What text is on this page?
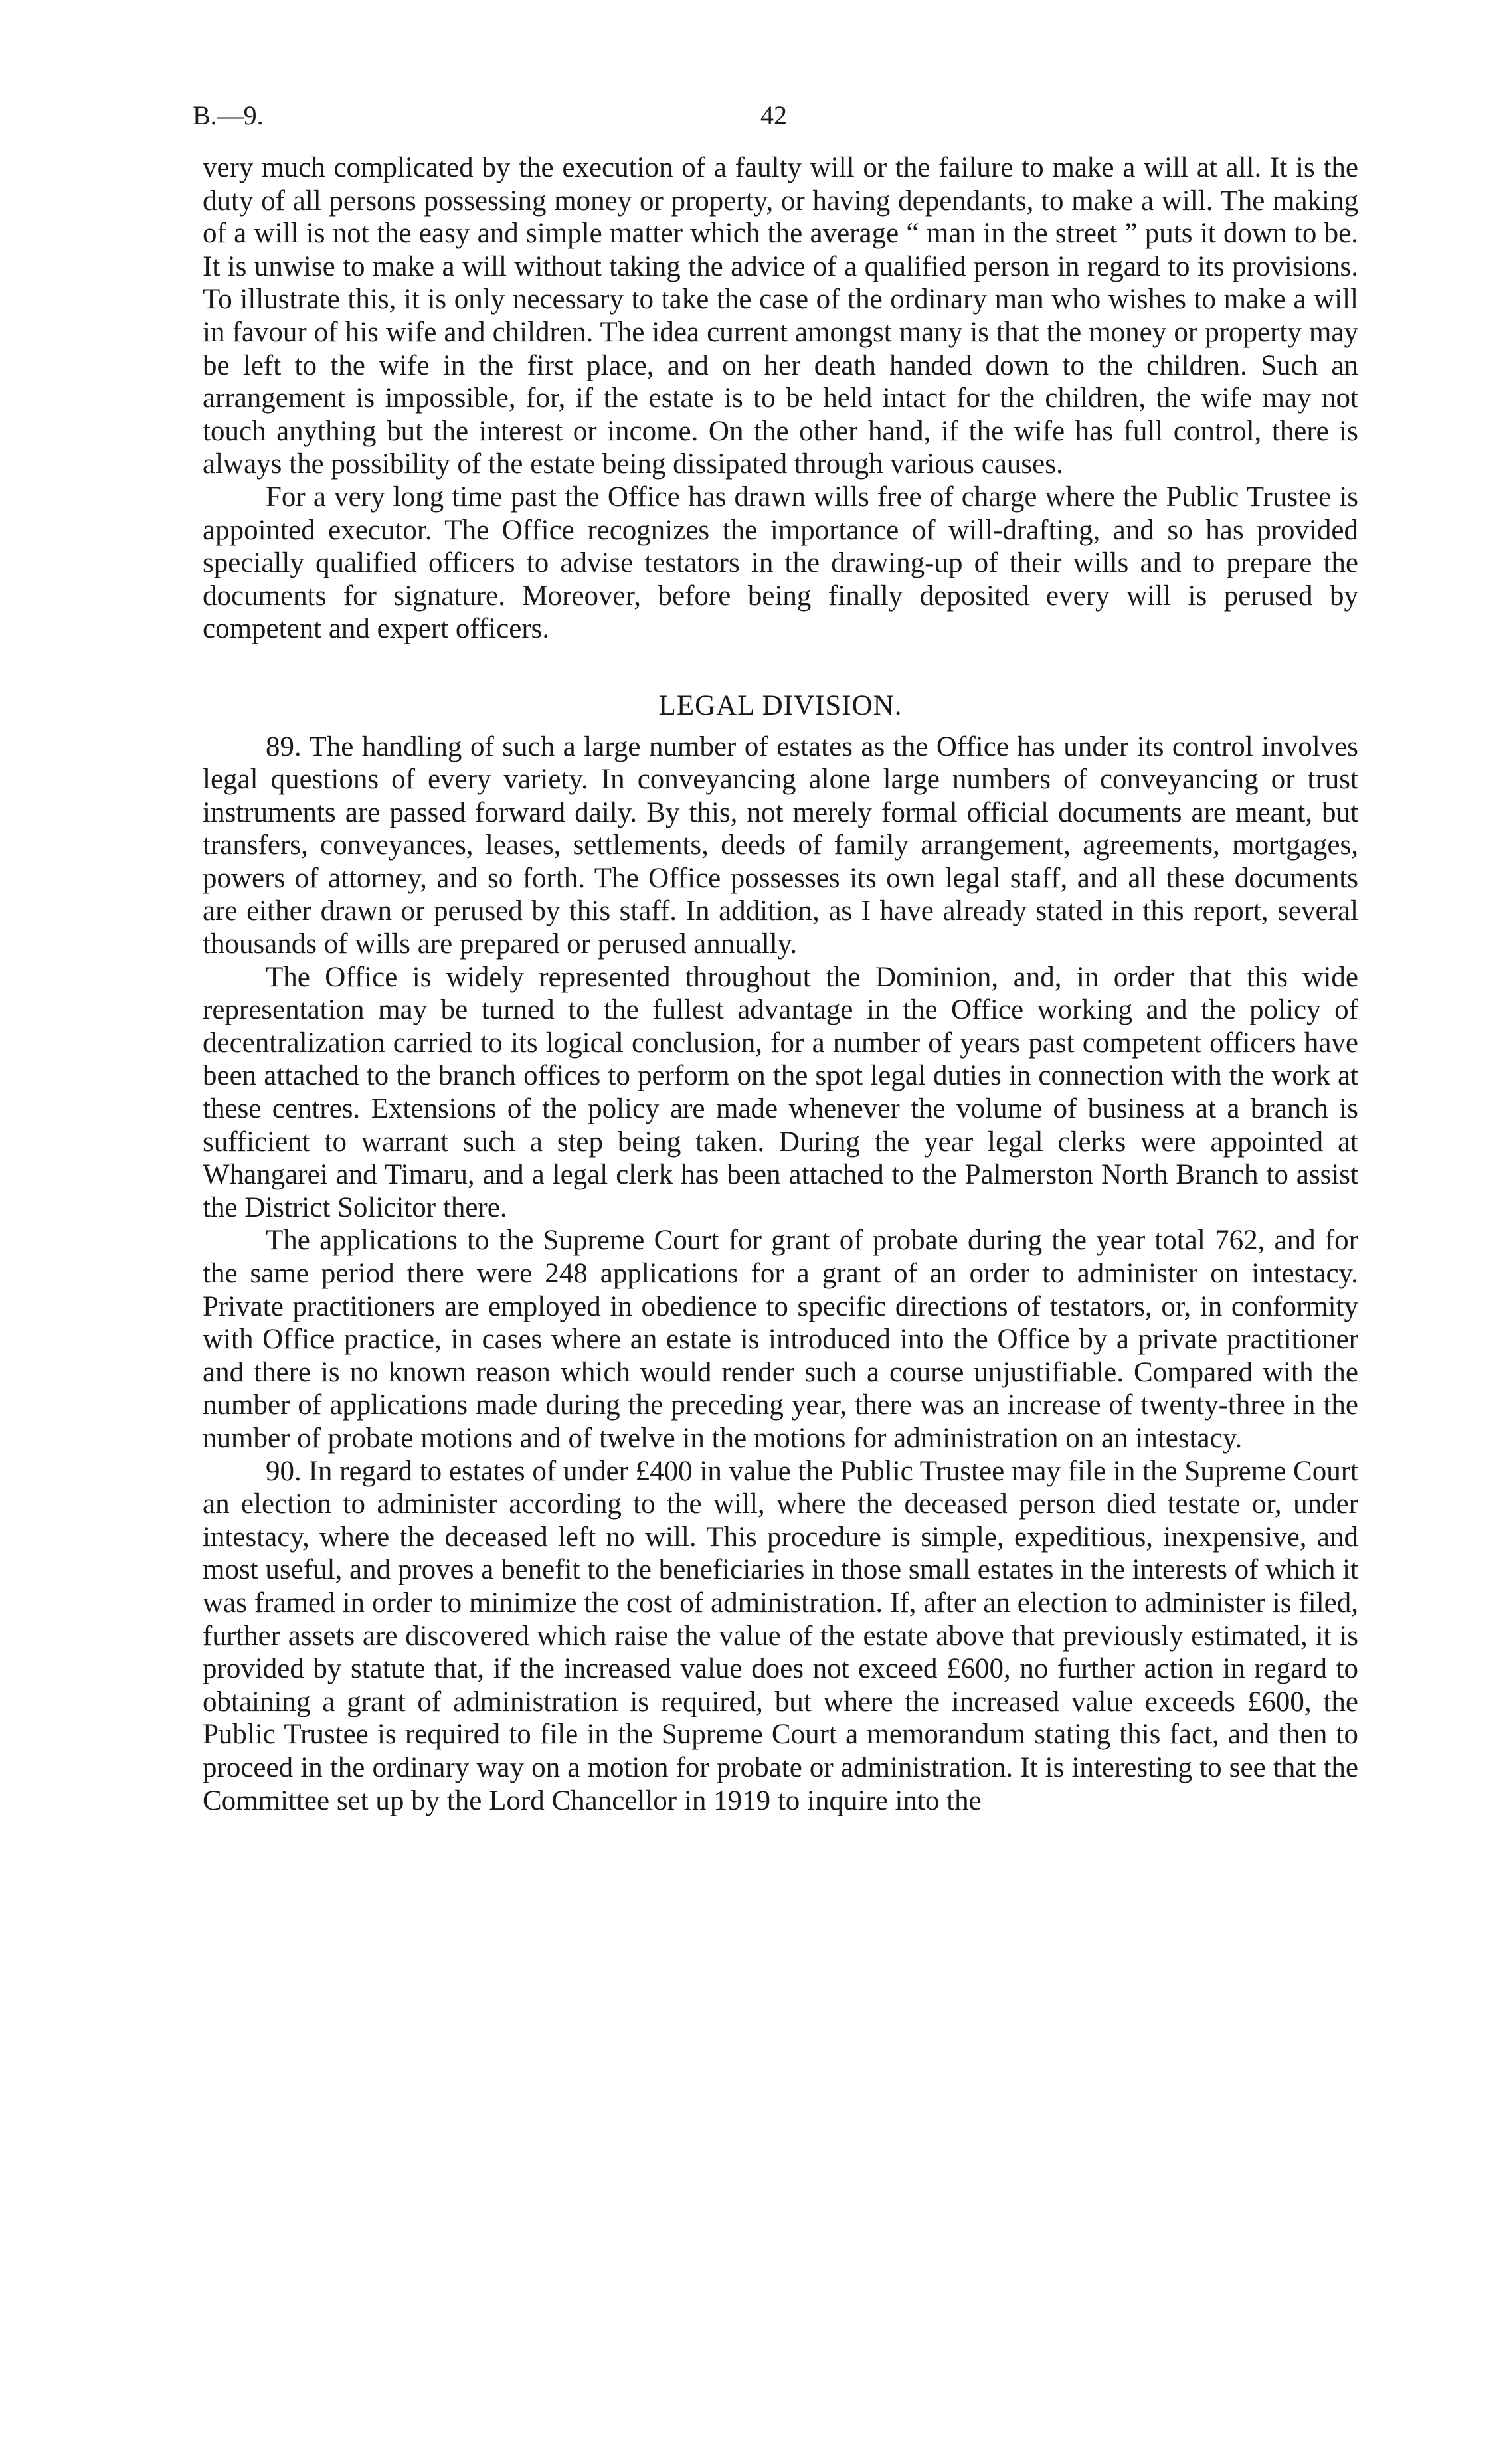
B.—9.	42

very much complicated by the execution of a faulty will or the failure to make a will at all. It is the duty of all persons possessing money or property, or having dependants, to make a will. The making of a will is not the easy and simple matter which the average “ man in the street ” puts it down to be. It is unwise to make a will without taking the advice of a qualified person in regard to its provisions. To illustrate this, it is only necessary to take the case of the ordinary man who wishes to make a will in favour of his wife and children. The idea current amongst many is that the money or property may be left to the wife in the first place, and on her death handed down to the children. Such an arrangement is impossible, for, if the estate is to be held intact for the children, the wife may not touch anything but the interest or income. On the other hand, if the wife has full control, there is always the possibility of the estate being dissipated through various causes.

For a very long time past the Office has drawn wills free of charge where the Public Trustee is appointed executor. The Office recognizes the importance of will-drafting, and so has provided specially qualified officers to advise testators in the drawing-up of their wills and to prepare the documents for signature. Moreover, before being finally deposited every will is perused by competent and expert officers.

LEGAL DIVISION.

89. The handling of such a large number of estates as the Office has under its control involves legal questions of every variety. In conveyancing alone large numbers of conveyancing or trust instruments are passed forward daily. By this, not merely formal official documents are meant, but transfers, conveyances, leases, settlements, deeds of family arrangement, agreements, mortgages, powers of attorney, and so forth. The Office possesses its own legal staff, and all these documents are either drawn or perused by this staff. In addition, as I have already stated in this report, several thousands of wills are prepared or perused annually.

The Office is widely represented throughout the Dominion, and, in order that this wide representation may be turned to the fullest advantage in the Office working and the policy of decentralization carried to its logical conclusion, for a number of years past competent officers have been attached to the branch offices to perform on the spot legal duties in connection with the work at these centres. Extensions of the policy are made whenever the volume of business at a branch is sufficient to warrant such a step being taken. During the year legal clerks were appointed at Whangarei and Timaru, and a legal clerk has been attached to the Palmerston North Branch to assist the District Solicitor there.

The applications to the Supreme Court for grant of probate during the year total 762, and for the same period there were 248 applications for a grant of an order to administer on intestacy. Private practitioners are employed in obedience to specific directions of testators, or, in conformity with Office practice, in cases where an estate is introduced into the Office by a private practitioner and there is no known reason which would render such a course unjustifiable. Compared with the number of applications made during the preceding year, there was an increase of twenty-three in the number of probate motions and of twelve in the motions for administration on an intestacy.

90. In regard to estates of under £400 in value the Public Trustee may file in the Supreme Court an election to administer according to the will, where the deceased person died testate or, under intestacy, where the deceased left no will. This procedure is simple, expeditious, inexpensive, and most useful, and proves a benefit to the beneficiaries in those small estates in the interests of which it was framed in order to minimize the cost of administration. If, after an election to administer is filed, further assets are discovered which raise the value of the estate above that previously estimated, it is provided by statute that, if the increased value does not exceed £600, no further action in regard to obtaining a grant of administration is required, but where the increased value exceeds £600, the Public Trustee is required to file in the Supreme Court a memorandum stating this fact, and then to proceed in the ordinary way on a motion for probate or administration. It is interesting to see that the Committee set up by the Lord Chancellor in 1919 to inquire into the
